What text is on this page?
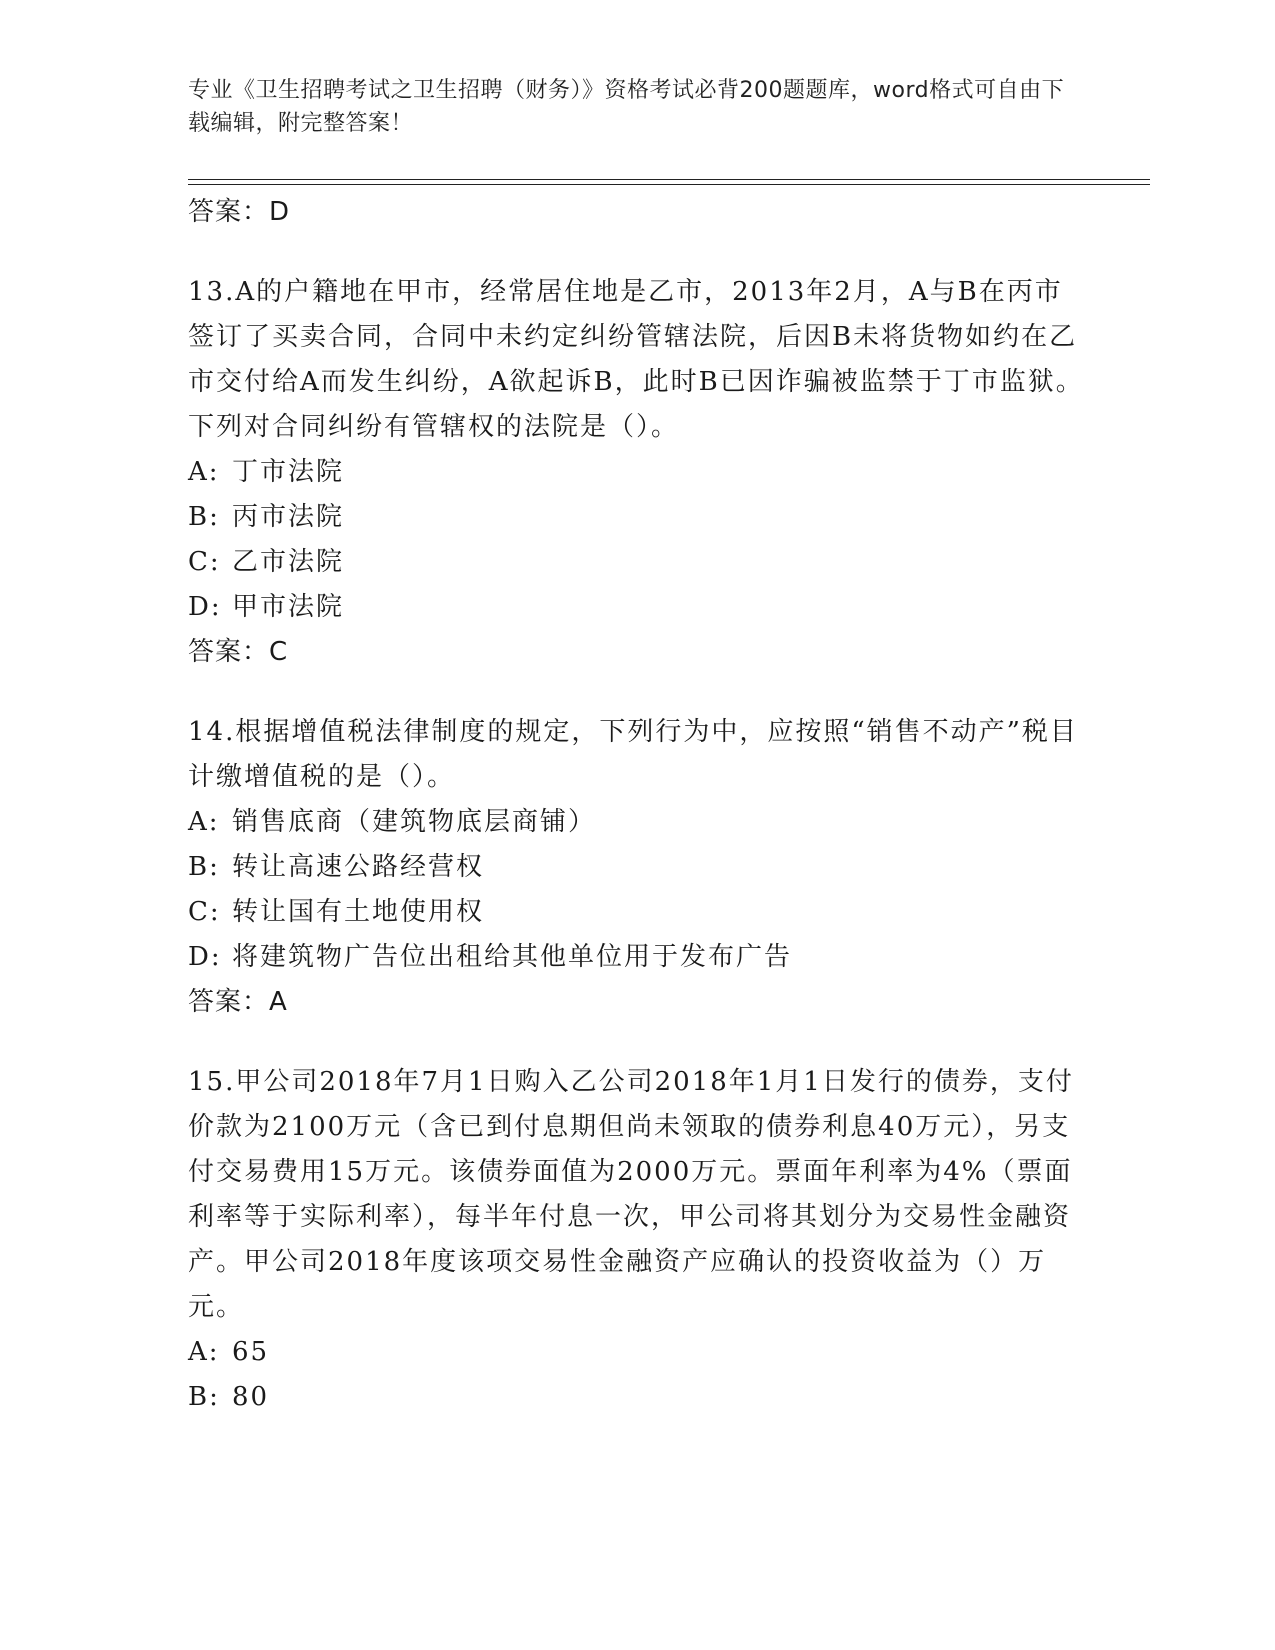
专业《卫生招聘考试之卫生招聘（财务）》资格考试必背200题题库，word格式可自由下载编辑，附完整答案！
答案：D
13.A的户籍地在甲市，经常居住地是乙市，2013年2月，A与B在丙市签订了买卖合同，合同中未约定纠纷管辖法院，后因B未将货物如约在乙市交付给A而发生纠纷，A欲起诉B，此时B已因诈骗被监禁于丁市监狱。下列对合同纠纷有管辖权的法院是（）。
A: 丁市法院
B: 丙市法院
C: 乙市法院
D: 甲市法院
答案：C
14.根据增值税法律制度的规定，下列行为中，应按照“销售不动产”税目计缴增值税的是（）。
A: 销售底商（建筑物底层商铺）
B: 转让高速公路经营权
C: 转让国有土地使用权
D: 将建筑物广告位出租给其他单位用于发布广告
答案：A
15.甲公司2018年7月1日购入乙公司2018年1月1日发行的债券，支付价款为2100万元（含已到付息期但尚未领取的债券利息40万元），另支付交易费用15万元。该债券面值为2000万元。票面年利率为4%（票面利率等于实际利率），每半年付息一次，甲公司将其划分为交易性金融资产。甲公司2018年度该项交易性金融资产应确认的投资收益为（）万元。
A: 65
B: 80
